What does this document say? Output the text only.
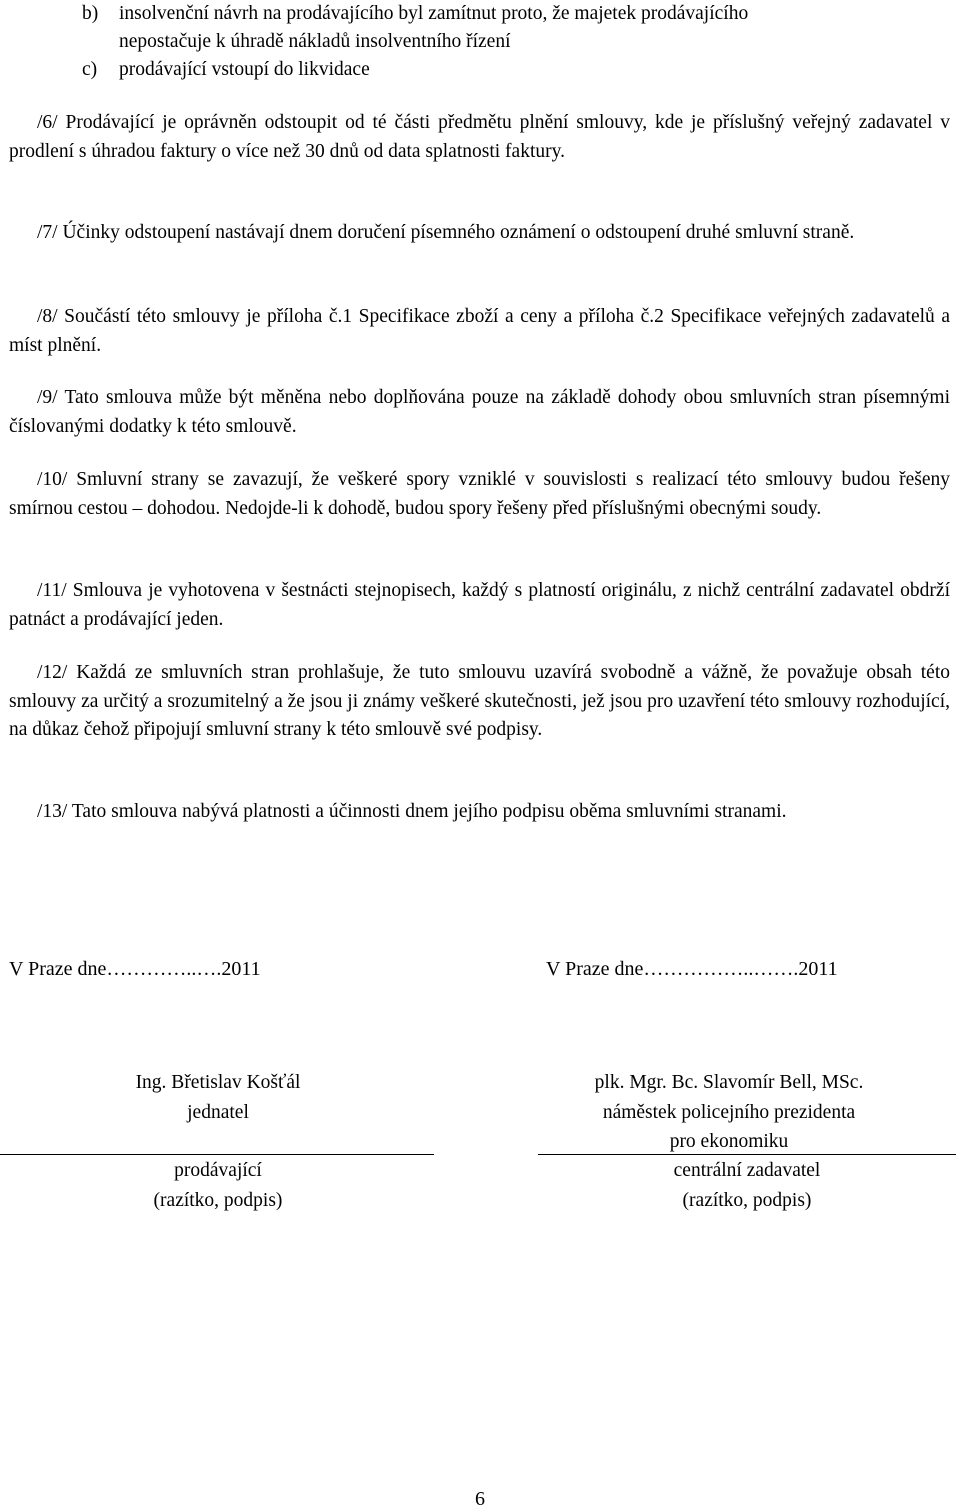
b)	insolvenční návrh na prodávajícího byl zamítnut proto, že majetek prodávajícího
nepostačuje k úhradě nákladů insolventního řízení
c)	prodávající vstoupí do likvidace

/6/ Prodávající je oprávněn odstoupit od té části předmětu plnění smlouvy, kde je příslušný veřejný zadavatel v prodlení s úhradou faktury o více než 30 dnů od data splatnosti faktury.

/7/ Účinky odstoupení nastávají dnem doručení písemného oznámení o odstoupení druhé smluvní straně.

/8/ Součástí této smlouvy je příloha č.1 Specifikace zboží a ceny a příloha č.2 Specifikace veřejných zadavatelů a míst plnění.

/9/ Tato smlouva může být měněna nebo doplňována pouze na základě dohody obou smluvních stran písemnými číslovanými dodatky k této smlouvě.

/10/ Smluvní strany se zavazují, že veškeré spory vzniklé v souvislosti s realizací této smlouvy budou řešeny smírnou cestou – dohodou. Nedojde-li k dohodě, budou spory řešeny před příslušnými obecnými soudy.

/11/ Smlouva je vyhotovena v šestnácti stejnopisech, každý s platností originálu, z nichž centrální zadavatel obdrží patnáct a prodávající jeden.

/12/ Každá ze smluvních stran prohlašuje, že tuto smlouvu uzavírá svobodně a vážně, že považuje obsah této smlouvy za určitý a srozumitelný a že jsou ji známy veškeré skutečnosti, jež jsou pro uzavření této smlouvy rozhodující, na důkaz čehož připojují smluvní strany k této smlouvě své podpisy.

/13/ Tato smlouva nabývá platnosti a účinnosti dnem jejího podpisu oběma smluvními stranami.

V Praze dne…………..….2011	V Praze dne……………..…….2011
Ing. Břetislav Košťál
jednatel
prodávající
(razítko, podpis)
plk. Mgr. Bc. Slavomír Bell, MSc.
náměstek policejního prezidenta
pro ekonomiku
centrální zadavatel
(razítko, podpis)
6
